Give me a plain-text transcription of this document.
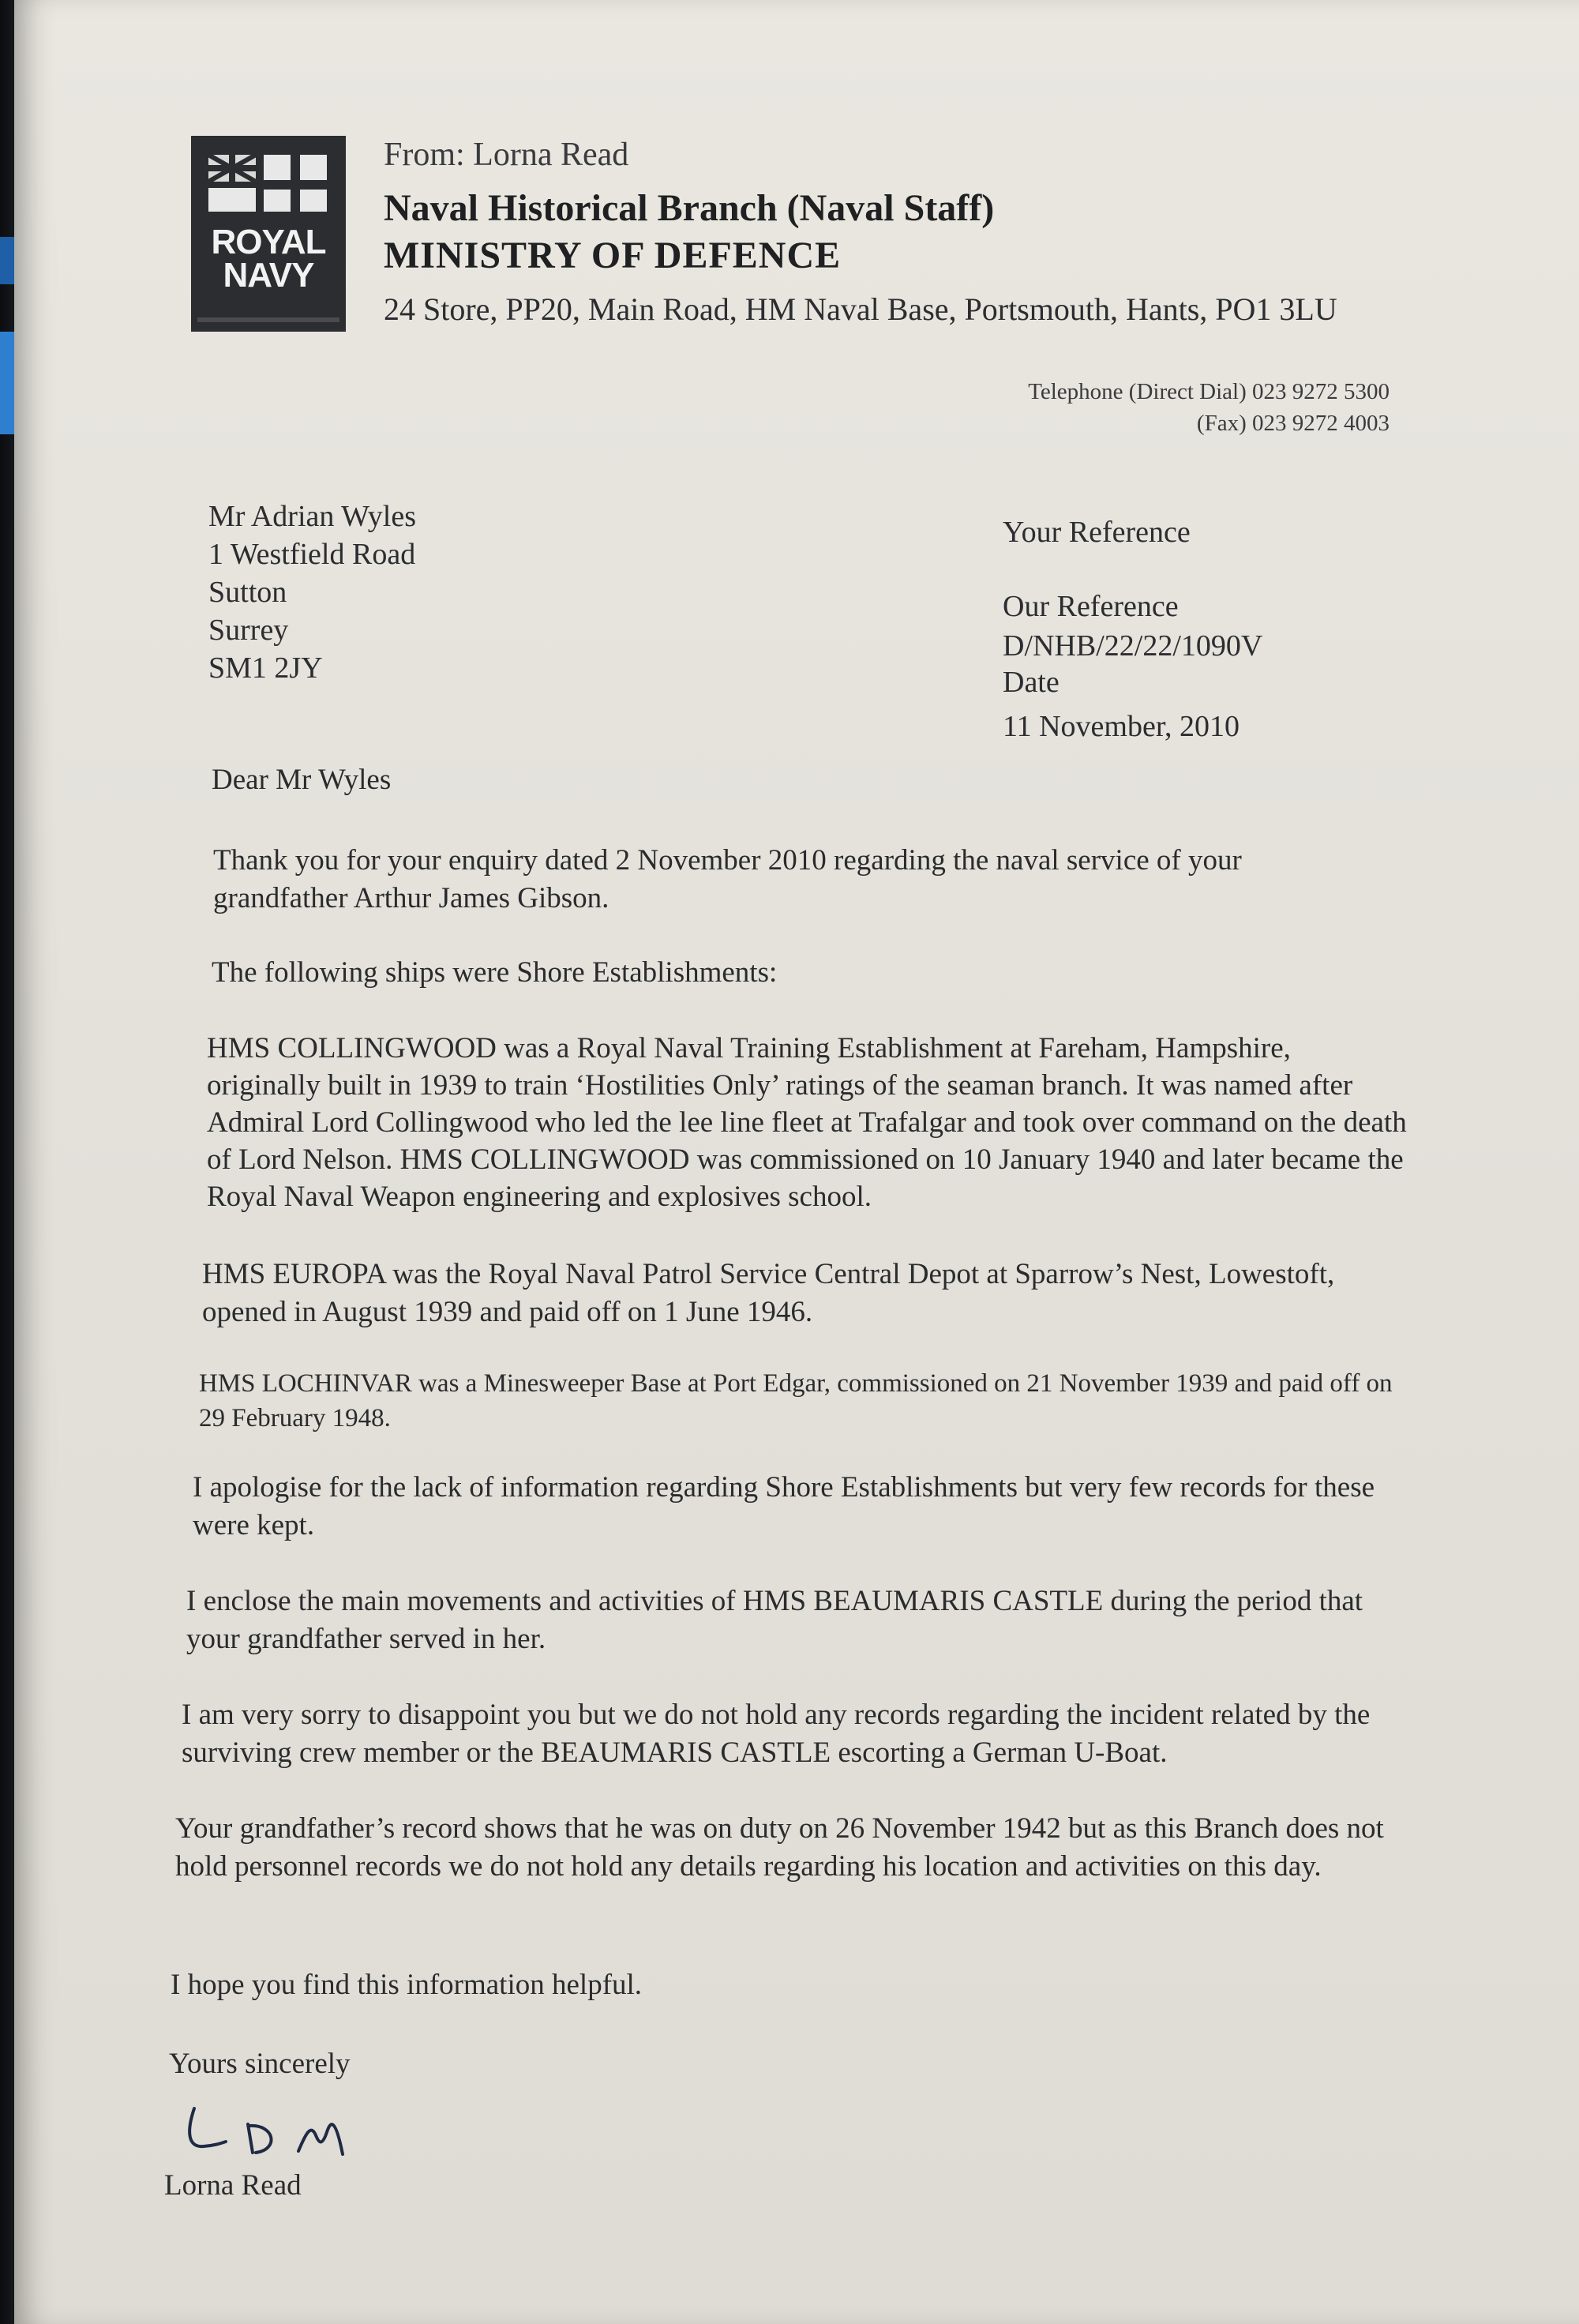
ROYAL
NAVY
From: Lorna Read
Naval Historical Branch (Naval Staff)
MINISTRY OF DEFENCE
24 Store, PP20, Main Road, HM Naval Base, Portsmouth, Hants, PO1 3LU
Telephone (Direct Dial) 023 9272 5300
(Fax) 023 9272 4003
Mr Adrian Wyles
1 Westfield Road
Sutton
Surrey
SM1 2JY
Your Reference
Our Reference
D/NHB/22/22/1090V
Date
11 November, 2010
Dear Mr Wyles
Thank you for your enquiry dated 2 November 2010 regarding the naval service of your grandfather Arthur James Gibson.
The following ships were Shore Establishments:
HMS COLLINGWOOD was a Royal Naval Training Establishment at Fareham, Hampshire, originally built in 1939 to train ‘Hostilities Only’ ratings of the seaman branch. It was named after Admiral Lord Collingwood who led the lee line fleet at Trafalgar and took over command on the death of Lord Nelson. HMS COLLINGWOOD was commissioned on 10 January 1940 and later became the Royal Naval Weapon engineering and explosives school.
HMS EUROPA was the Royal Naval Patrol Service Central Depot at Sparrow’s Nest, Lowestoft, opened in August 1939 and paid off on 1 June 1946.
HMS LOCHINVAR was a Minesweeper Base at Port Edgar, commissioned on 21 November 1939 and paid off on 29 February 1948.
I apologise for the lack of information regarding Shore Establishments but very few records for these were kept.
I enclose the main movements and activities of HMS BEAUMARIS CASTLE during the period that your grandfather served in her.
I am very sorry to disappoint you but we do not hold any records regarding the incident related by the surviving crew member or the BEAUMARIS CASTLE escorting a German U-Boat.
Your grandfather’s record shows that he was on duty on 26 November 1942 but as this Branch does not hold personnel records we do not hold any details regarding his location and activities on this day.
I hope you find this information helpful.
Yours sincerely
Lorna Read
